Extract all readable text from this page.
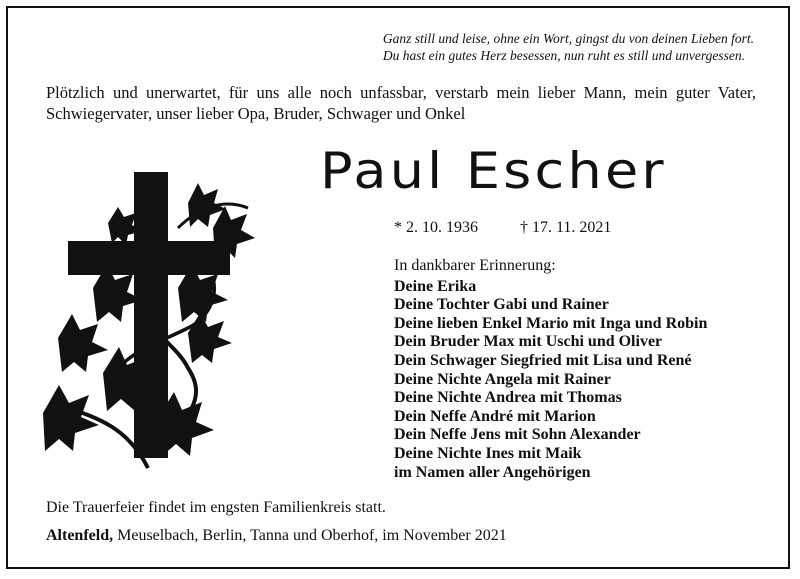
Ganz still und leise, ohne ein Wort, gingst du von deinen Lieben fort.
Du hast ein gutes Herz besessen, nun ruht es still und unvergessen.
Plötzlich und unerwartet, für uns alle noch unfassbar, verstarb mein lieber Mann, mein guter Vater, Schwiegervater, unser lieber Opa, Bruder, Schwager und Onkel
Paul Escher
* 2. 10. 1936	† 17. 11. 2021
In dankbarer Erinnerung:
Deine Erika
Deine Tochter Gabi und Rainer
Deine lieben Enkel Mario mit Inga und Robin
Dein Bruder Max mit Uschi und Oliver
Dein Schwager Siegfried mit Lisa und René
Deine Nichte Angela mit Rainer
Deine Nichte Andrea mit Thomas
Dein Neffe André mit Marion
Dein Neffe Jens mit Sohn Alexander
Deine Nichte Ines mit Maik
im Namen aller Angehörigen
Die Trauerfeier findet im engsten Familienkreis statt.
Altenfeld, Meuselbach, Berlin, Tanna und Oberhof, im November 2021
